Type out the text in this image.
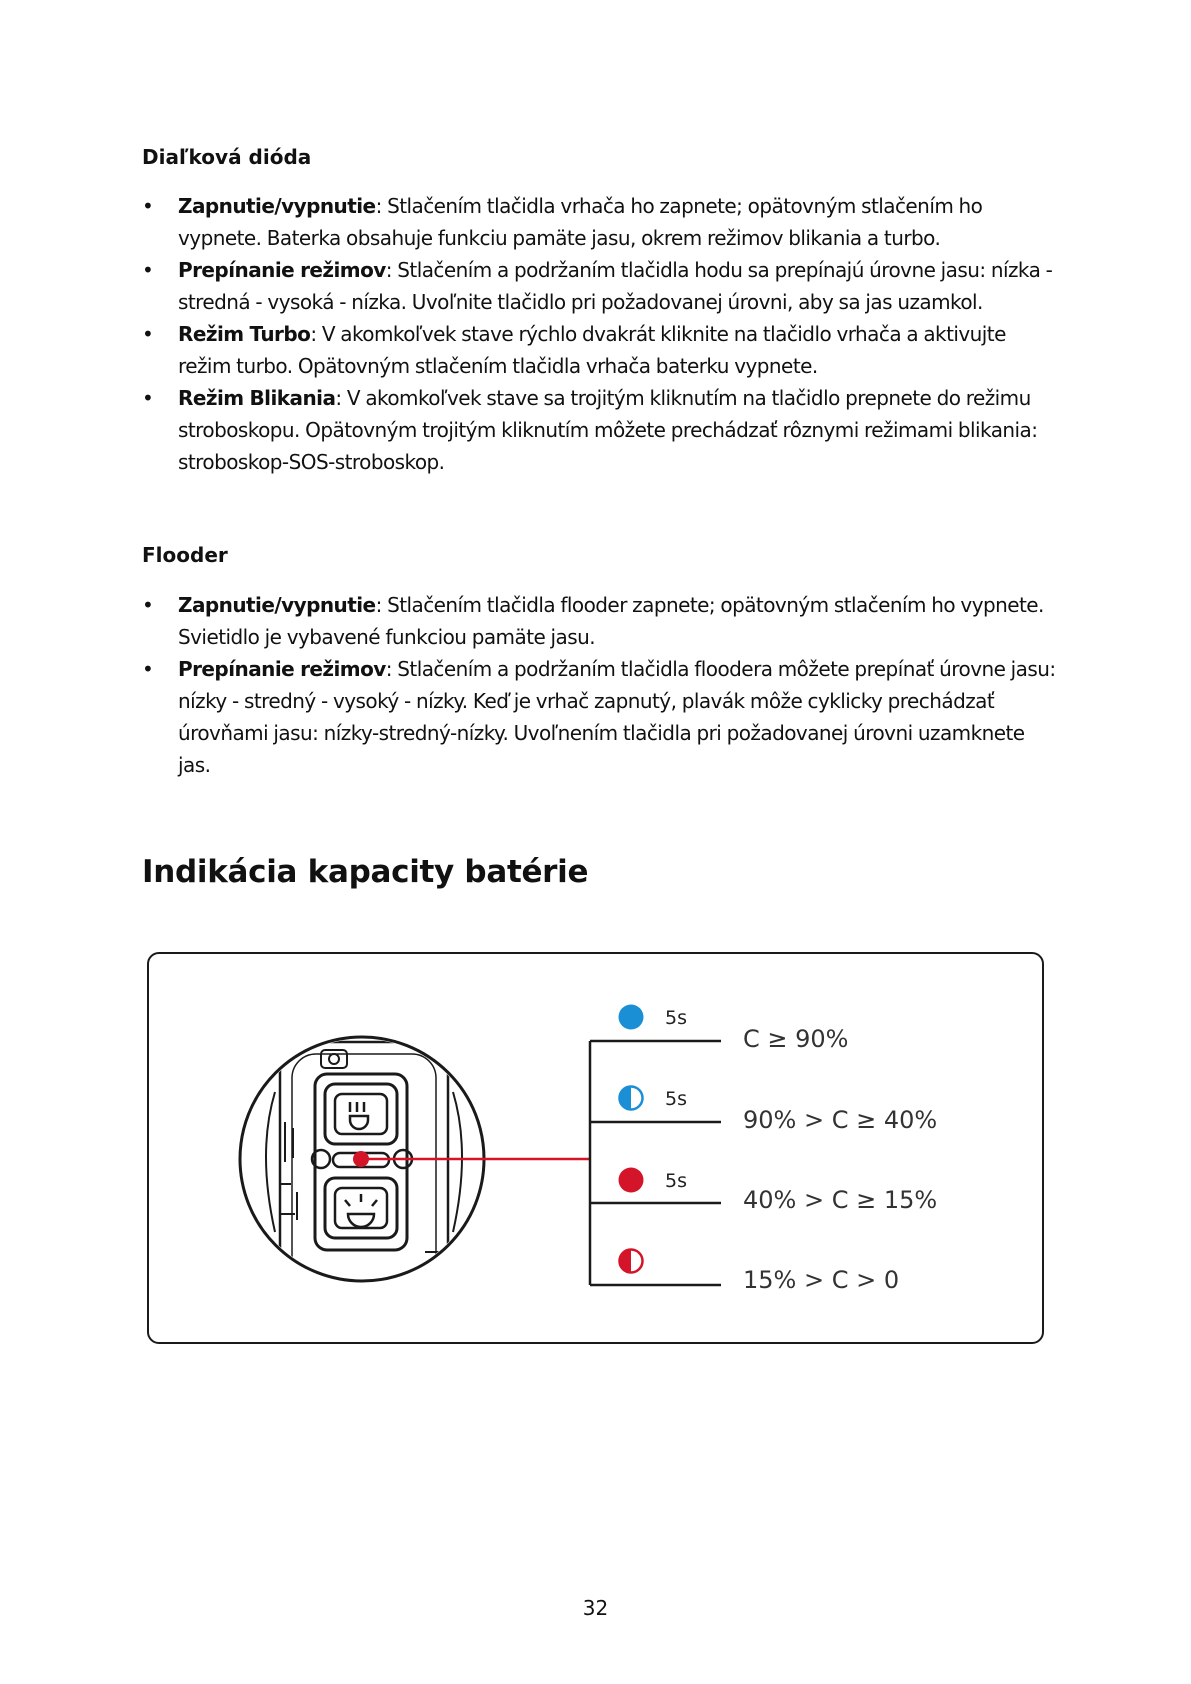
Diaľková dióda
• Zapnutie/vypnutie: Stlačením tlačidla vrhača ho zapnete; opätovným stlačením ho vypnete. Baterka obsahuje funkciu pamäte jasu, okrem režimov blikania a turbo.
• Prepínanie režimov: Stlačením a podržaním tlačidla hodu sa prepínajú úrovne jasu: nízka - stredná - vysoká - nízka. Uvoľnite tlačidlo pri požadovanej úrovni, aby sa jas uzamkol.
• Režim Turbo: V akomkoľvek stave rýchlo dvakrát kliknite na tlačidlo vrhača a aktivujte režim turbo. Opätovným stlačením tlačidla vrhača baterku vypnete.
• Režim Blikania: V akomkoľvek stave sa trojitým kliknutím na tlačidlo prepnete do režimu stroboskopu. Opätovným trojitým kliknutím môžete prechádzať rôznymi režimami blikania: stroboskop-SOS-stroboskop.
Flooder
• Zapnutie/vypnutie: Stlačením tlačidla flooder zapnete; opätovným stlačením ho vypnete. Svietidlo je vybavené funkciou pamäte jasu.
• Prepínanie režimov: Stlačením a podržaním tlačidla floodera môžete prepínať úrovne jasu: nízky - stredný - vysoký - nízky. Keď je vrhač zapnutý, plavák môže cyklicky prechádzať úrovňami jasu: nízky-stredný-nízky. Uvoľnením tlačidla pri požadovanej úrovni uzamknete jas.
Indikácia kapacity batérie
5s
5s
5s
C ≥ 90%
90% > C ≥ 40%
40% > C ≥ 15%
15% > C > 0
32
